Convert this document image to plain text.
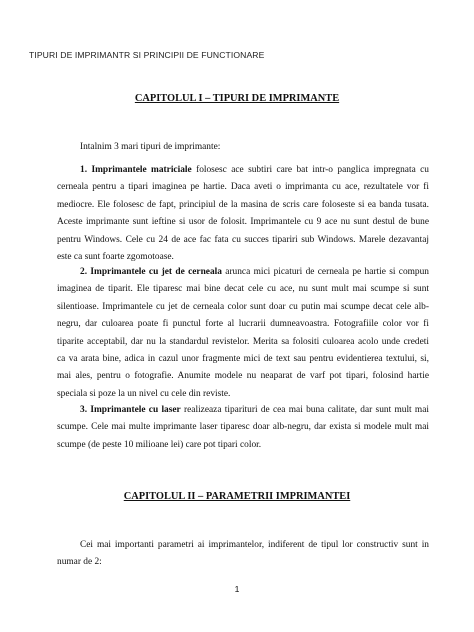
TIPURI DE IMPRIMANTR SI PRINCIPII DE FUNCTIONARE
CAPITOLUL I – TIPURI DE IMPRIMANTE
Intalnim 3 mari tipuri de imprimante:
1. Imprimantele matriciale folosesc ace subtiri care bat intr-o panglica impregnata cu
cerneala pentru a tipari imaginea pe hartie. Daca aveti o imprimanta cu ace, rezultatele vor fi
mediocre. Ele folosesc de fapt, principiul de la masina de scris care foloseste si ea banda tusata.
Aceste imprimante sunt ieftine si usor de folosit. Imprimantele cu 9 ace nu sunt destul de bune
pentru Windows. Cele cu 24 de ace fac fata cu succes tipariri sub Windows. Marele dezavantaj
este ca sunt foarte zgomotoase.
2. Imprimantele cu jet de cerneala aruncа mici picaturi de cerneala pe hartie si compun
imaginea de tiparit. Ele tiparesc mai bine decat cele cu ace, nu sunt mult mai scumpe si sunt
silentioase. Imprimantele cu jet de cerneala color sunt doar cu putin mai scumpe decat cele alb-
negru, dar culoarea poate fi punctul forte al lucrarii dumneavoastra. Fotografiile color vor fi
tiparite acceptabil, dar nu la standardul revistelor. Merita sa folositi culoarea acolo unde credeti
ca va arata bine, adica in cazul unor fragmente mici de text sau pentru evidentierea textului, si,
mai ales, pentru o fotografie. Anumite modele nu neaparat de varf pot tipari, folosind hartie
speciala si poze la un nivel cu cele din reviste.
3. Imprimantele cu laser realizeaza tipariturі de cea mai buna calitate, dar sunt mult mai
scumpe. Cele mai multe imprimante laser tiparesc doar alb-negru, dar exista si modele mult mai
scumpe (de peste 10 milioane lei) care pot tipari color.
CAPITOLUL II – PARAMETRII IMPRIMANTEI
Cei mai importanti parametri ai imprimantelor, indiferent de tipul lor constructiv sunt in
numar de 2:
1
